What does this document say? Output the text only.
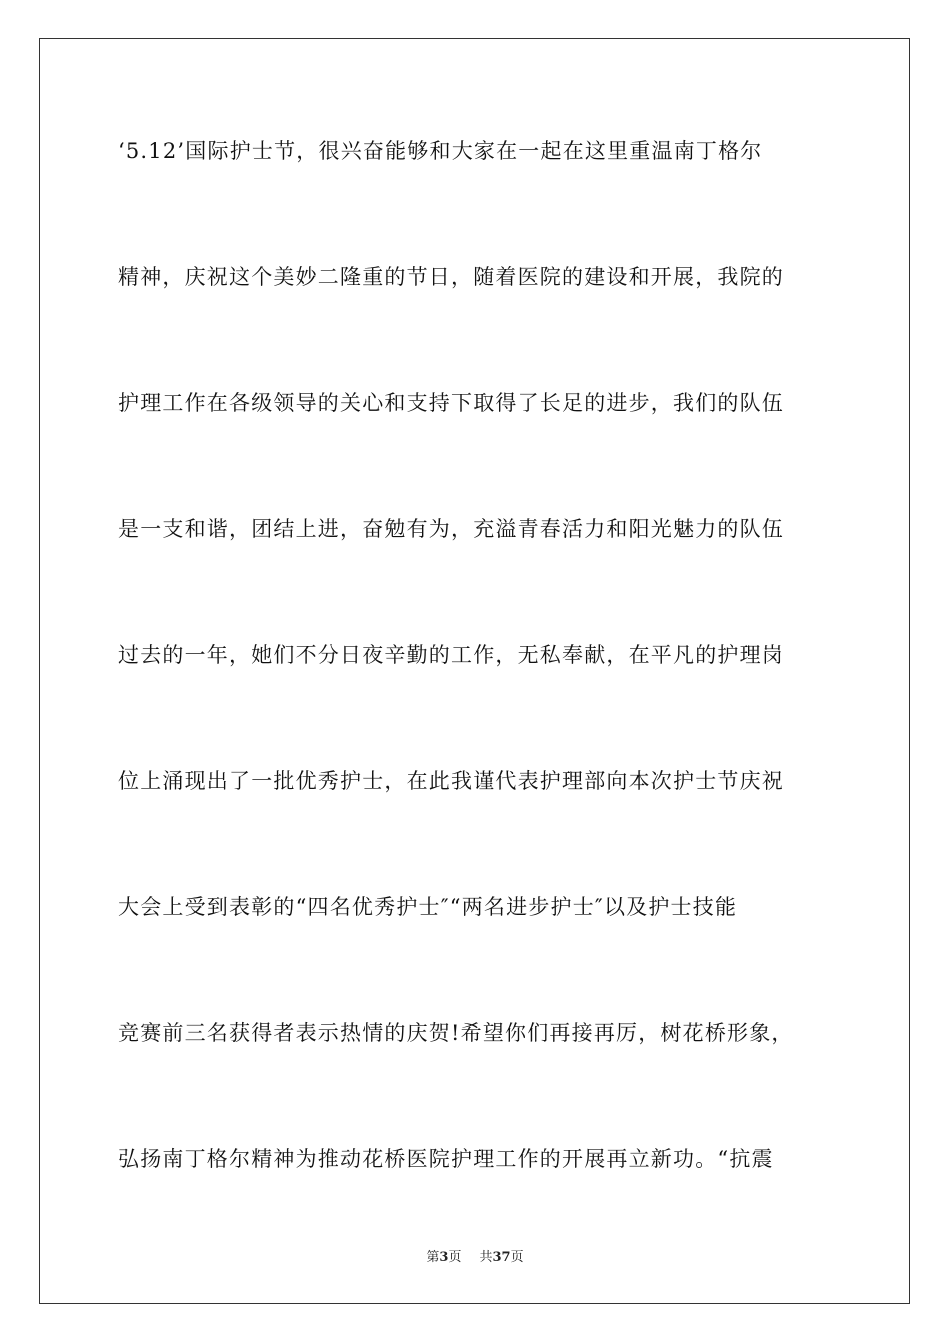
‘5.12’国际护士节，很兴奋能够和大家在一起在这里重温南丁格尔
精神，庆祝这个美妙二隆重的节日，随着医院的建设和开展，我院的
护理工作在各级领导的关心和支持下取得了长足的进步，我们的队伍
是一支和谐，团结上进，奋勉有为，充溢青春活力和阳光魅力的队伍
过去的一年，她们不分日夜辛勤的工作，无私奉献，在平凡的护理岗
位上涌现出了一批优秀护士，在此我谨代表护理部向本次护士节庆祝
大会上受到表彰的“四名优秀护士″“两名进步护士″以及护士技能
竞赛前三名获得者表示热情的庆贺!希望你们再接再厉，树花桥形象，
弘扬南丁格尔精神为推动花桥医院护理工作的开展再立新功。“抗震
第3页 共37页
